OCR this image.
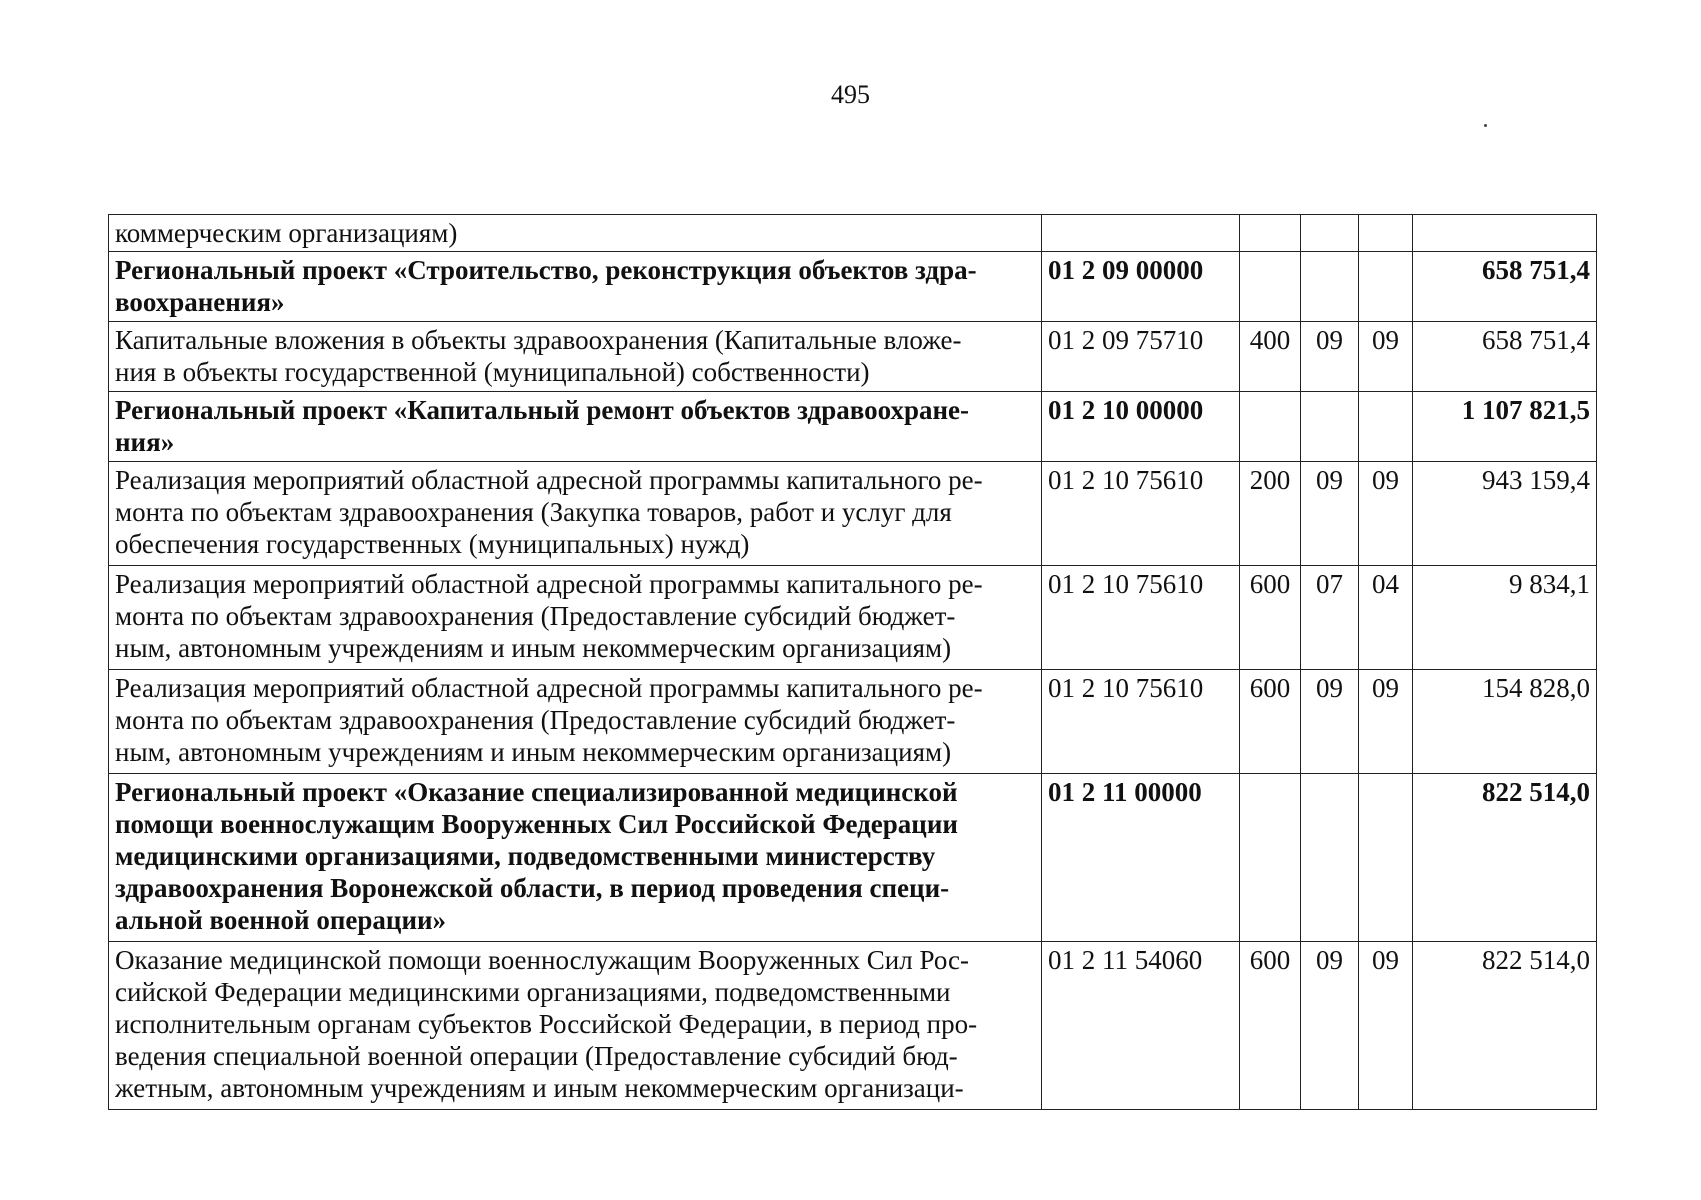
495
коммерческим организациям)					
Региональный проект «Строительство, реконструкция объектов здра-
воохранения»	01 2 09 00000				658 751,4
Капитальные вложения в объекты здравоохранения (Капитальные вложе-
ния в объекты государственной (муниципальной) собственности)	01 2 09 75710	400	09	09	658 751,4
Региональный проект «Капитальный ремонт объектов здравоохране-
ния»	01 2 10 00000				1 107 821,5
Реализация мероприятий областной адресной программы капитального ре-
монта по объектам здравоохранения (Закупка товаров, работ и услуг для
обеспечения государственных (муниципальных) нужд)	01 2 10 75610	200	09	09	943 159,4
Реализация мероприятий областной адресной программы капитального ре-
монта по объектам здравоохранения (Предоставление субсидий бюджет-
ным, автономным учреждениям и иным некоммерческим организациям)	01 2 10 75610	600	07	04	9 834,1
Реализация мероприятий областной адресной программы капитального ре-
монта по объектам здравоохранения (Предоставление субсидий бюджет-
ным, автономным учреждениям и иным некоммерческим организациям)	01 2 10 75610	600	09	09	154 828,0
Региональный проект «Оказание специализированной медицинской
помощи военнослужащим Вооруженных Сил Российской Федерации
медицинскими организациями, подведомственными министерству
здравоохранения Воронежской области, в период проведения специ-
альной военной операции»	01 2 11 00000				822 514,0
Оказание медицинской помощи военнослужащим Вооруженных Сил Рос-
сийской Федерации медицинскими организациями, подведомственными
исполнительным органам субъектов Российской Федерации, в период про-
ведения специальной военной операции (Предоставление субсидий бюд-
жетным, автономным учреждениям и иным некоммерческим организаци-	01 2 11 54060	600	09	09	822 514,0
